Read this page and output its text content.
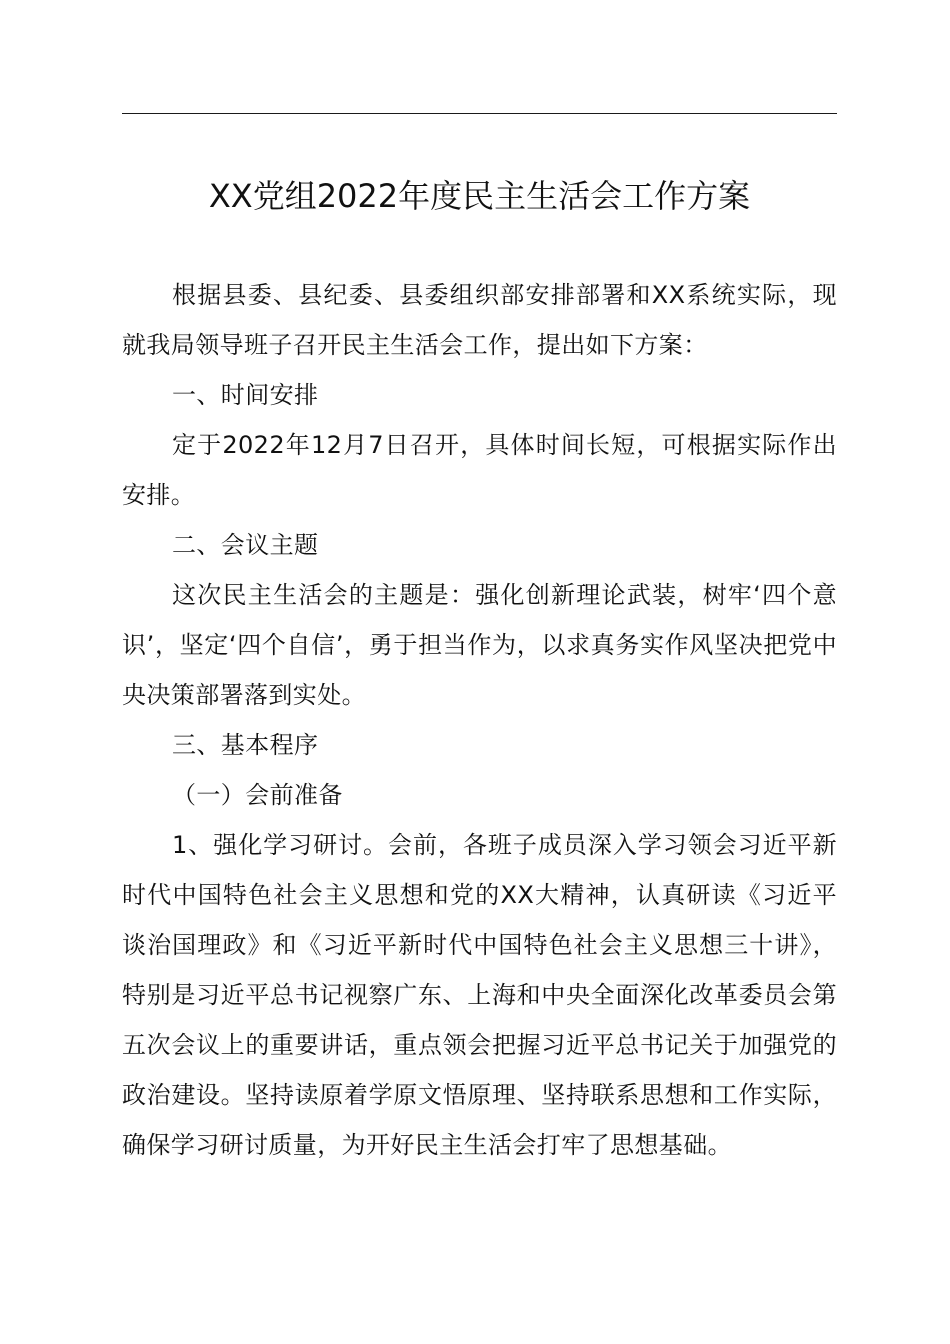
XX党组2022年度民主生活会工作方案

根据县委、县纪委、县委组织部安排部署和XX系统实际，现就我局领导班子召开民主生活会工作，提出如下方案：

一、时间安排

定于2022年12月7日召开，具体时间长短，可根据实际作出安排。

二、会议主题

这次民主生活会的主题是：强化创新理论武装，树牢‘四个意识’，坚定‘四个自信’，勇于担当作为，以求真务实作风坚决把党中央决策部署落到实处。

三、基本程序

（一）会前准备

1、强化学习研讨。会前，各班子成员深入学习领会习近平新时代中国特色社会主义思想和党的XX大精神，认真研读《习近平谈治国理政》和《习近平新时代中国特色社会主义思想三十讲》，特别是习近平总书记视察广东、上海和中央全面深化改革委员会第五次会议上的重要讲话，重点领会把握习近平总书记关于加强党的政治建设。坚持读原着学原文悟原理、坚持联系思想和工作实际，确保学习研讨质量，为开好民主生活会打牢了思想基础。
